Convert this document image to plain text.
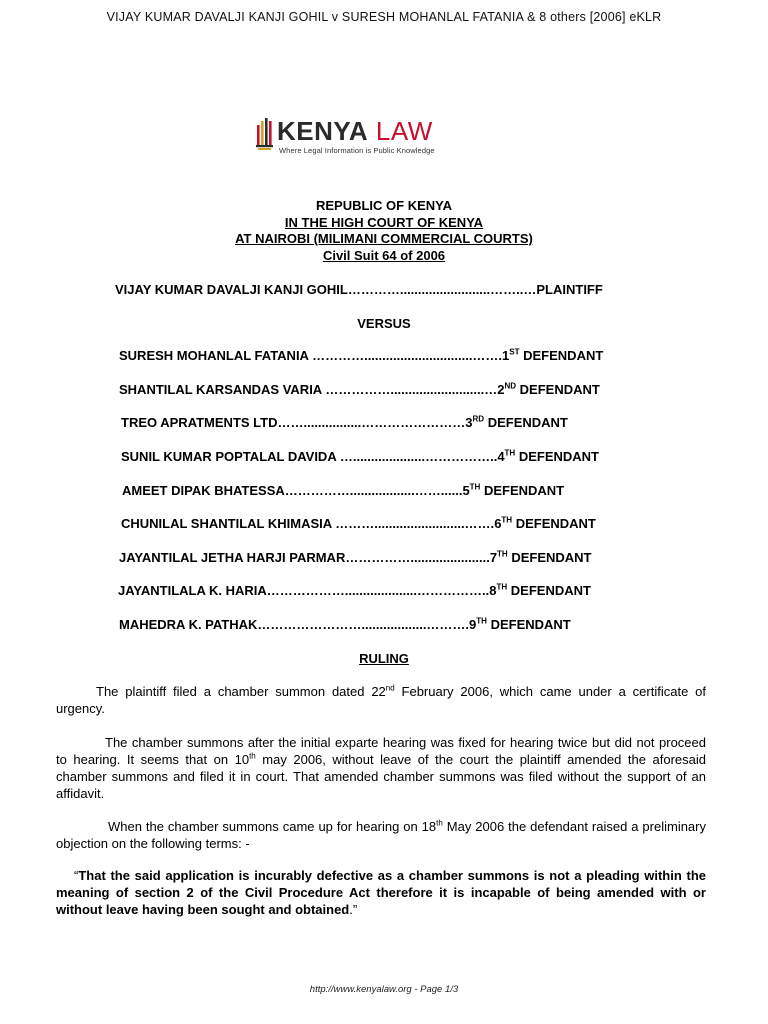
VIJAY KUMAR DAVALJI KANJI GOHIL v SURESH MOHANLAL FATANIA & 8 others [2006] eKLR
KENYA LAW
Where Legal Information is Public Knowledge
REPUBLIC OF KENYA
IN THE HIGH COURT OF KENYA
AT NAIROBI (MILIMANI COMMERCIAL COURTS)
Civil Suit 64 of 2006
VIJAY KUMAR DAVALJI KANJI GOHIL………….........................……..…PLAINTIFF
VERSUS
SURESH MOHANLAL FATANIA …………..............................…….1ST DEFENDANT
SHANTILAL KARSANDAS VARIA ……………..........................…2ND DEFENDANT
TREO APRATMENTS LTD……................……………………3RD DEFENDANT
SUNIL KUMAR POPTALAL DAVIDA …....................……………..4TH DEFENDANT
AMEET DIPAK BHATESSA……………..................……......5TH DEFENDANT
CHUNILAL SHANTILAL KHIMASIA ……….........................…….6TH DEFENDANT
JAYANTILAL JETHA HARJI PARMAR……………......................7TH DEFENDANT
JAYANTILALA K. HARIA………………....................……………..8TH DEFENDANT
MAHEDRA K. PATHAK……………………..................……….9TH DEFENDANT
RULING

The plaintiff filed a chamber summon dated 22nd February 2006, which came under a certificate of urgency.

The chamber summons after the initial exparte hearing was fixed for hearing twice but did not proceed to hearing. It seems that on 10th may 2006, without leave of the court the plaintiff amended the aforesaid chamber summons and filed it in court. That amended chamber summons was filed without the support of an affidavit.

When the chamber summons came up for hearing on 18th May 2006 the defendant raised a preliminary objection on the following terms: -

“That the said application is incurably defective as a chamber summons is not a pleading within the meaning of section 2 of the Civil Procedure Act therefore it is incapable of being amended with or without leave having been sought and obtained.”

http://www.kenyalaw.org - Page 1/3
